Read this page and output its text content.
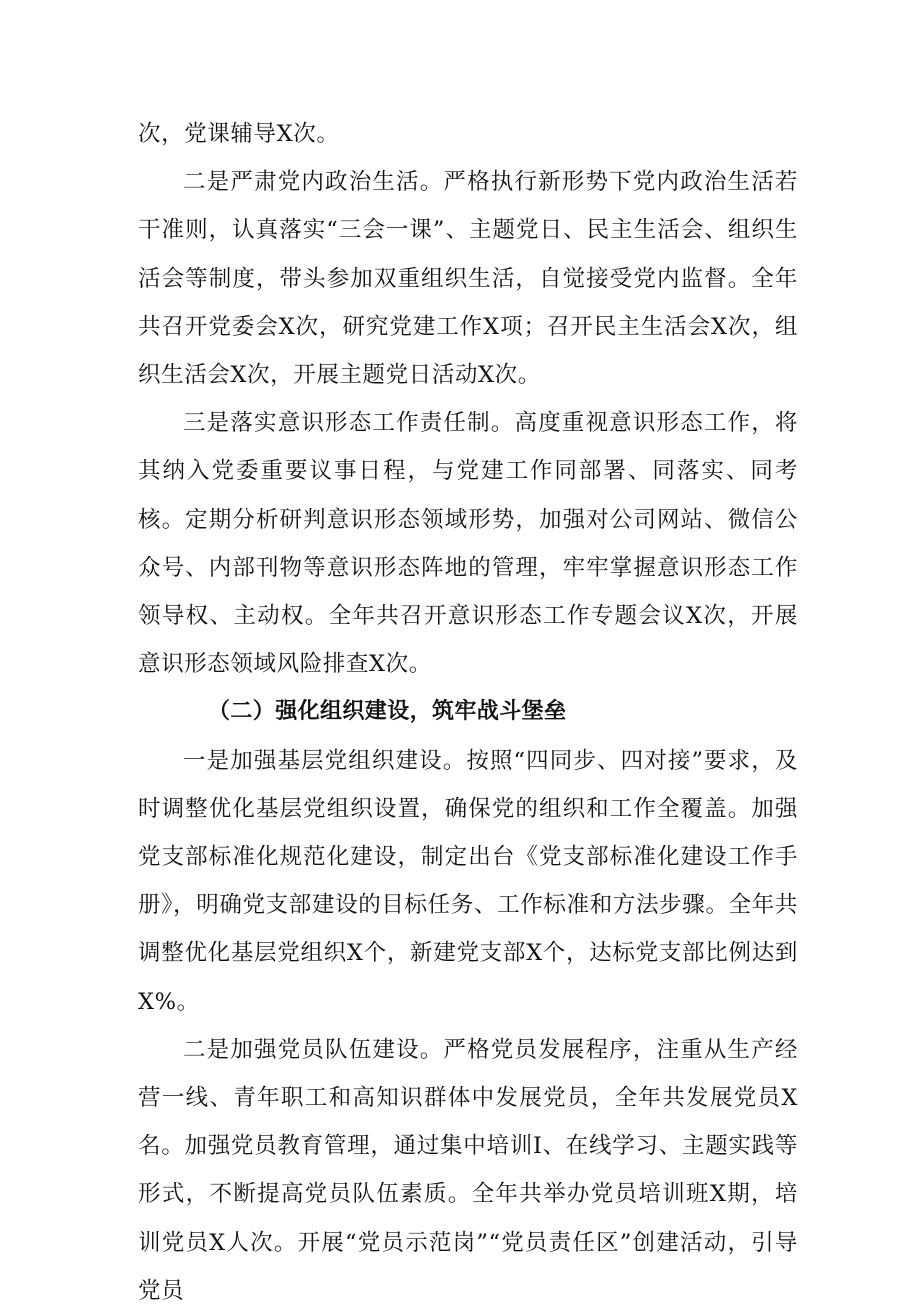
次，党课辅导X次。

二是严肃党内政治生活。严格执行新形势下党内政治生活若干准则，认真落实“三会一课”、主题党日、民主生活会、组织生活会等制度，带头参加双重组织生活，自觉接受党内监督。全年共召开党委会X次，研究党建工作X项；召开民主生活会X次，组织生活会X次，开展主题党日活动X次。

三是落实意识形态工作责任制。高度重视意识形态工作，将其纳入党委重要议事日程，与党建工作同部署、同落实、同考核。定期分析研判意识形态领域形势，加强对公司网站、微信公众号、内部刊物等意识形态阵地的管理，牢牢掌握意识形态工作领导权、主动权。全年共召开意识形态工作专题会议X次，开展意识形态领域风险排查X次。

（二）强化组织建设，筑牢战斗堡垒

一是加强基层党组织建设。按照“四同步、四对接”要求，及时调整优化基层党组织设置，确保党的组织和工作全覆盖。加强党支部标准化规范化建设，制定出台《党支部标准化建设工作手册》，明确党支部建设的目标任务、工作标准和方法步骤。全年共调整优化基层党组织X个，新建党支部X个，达标党支部比例达到X%。

二是加强党员队伍建设。严格党员发展程序，注重从生产经营一线、青年职工和高知识群体中发展党员，全年共发展党员X名。加强党员教育管理，通过集中培训I、在线学习、主题实践等形式，不断提高党员队伍素质。全年共举办党员培训班X期，培训党员X人次。开展“党员示范岗”“党员责任区”创建活动，引导党员
